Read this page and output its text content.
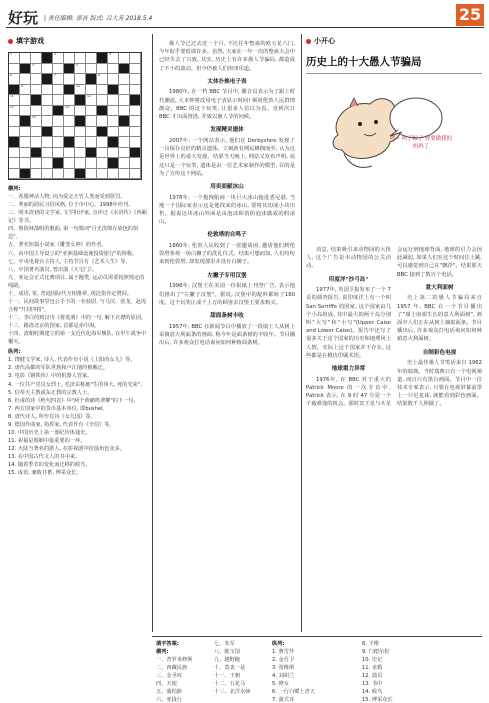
好玩 | 责任编辑: 郭吾 版式: 吕大芳 2018.5.4	25
填字游戏
1	2	3
4	5
6	7	8
9	10
11	12
13	14
15

横列:

一、希腊神话人物, 因为爱走天竹人类而受到惩罚。

二、秀丽的韵民习俗风格, 位于市中心。1998年停刊。

三、明末清初的文学家, 文学批评家, 点评过《水浒传》《西厢记》等书。

四、蔡依林演唱的歌曲, 第一句歌词"月光洗绵在染色的窗边"。

五、著名短篇小说家《雕笼女神》的作者。

六、由中国主导设立的"亚洲基础设施投资银行"的简称。

七、中央电视台主持人, 主持节目有《艺术人生》等。

八、中国著名演员, 曾出演《大宅门》。

九、亚运会正式比赛项目, 属于跑类, 运动员需要按照规定的线路。

十、成语, 常, 普通国际代互相推辈, 现泛指肯定赞同。

十一、民间故事里包公手下的一名校尉, 与马汉、张龙、赵虎合称"开封四将"。

十二、李白的到汉诗《将进酒》中的一句, 解下衣襟的原因。

十三、路清北京的国家, 首都是赤中海。

十四、清朝时期建立的第一支近代化海军舰队, 在甲午战争中覆灭。

纵列:

1. 饶健文学家, 诗人, 代表作有小说《上阳的女儿》等。

2. 唐代高都的军队世族和卢江地的被搬迁。

3. 电影《钢铁侠》中的机器人管家。

4. 一位共产党员女烈士, 毛泽东称她"生的伟大, 死的光荣"。

5. 信奉天主教或东正教的宗教人士。

6. 杜甫的诗《绝句四首》中"两个黄鹂鸣翠柳"的下一句。

7. 西方国家中的货币基本单位, 即bushel。

8. 唐代诗人, 所作有诗《女儿国》等。

9. 德国作曲家, 指挥家, 代表作有《辛伯》等。

10. 中国历史上第一部纪传体通史。

11. 祝福是婚姻中最重要的一环。

12. 大陆当著名的游人, 在影视剧中扮演角色众多。

13. 在中国古代文人的书中来。

14. 随着季节的变化而迁移的候鸟。

15. 成语, 兼收并蓄, 博采众长。

愚人节已过去近一个月, 不比往年整蛊的欧五花八门, 今年似乎要低调许多。虽然, 大家在一年一次的整蛊大会中已经失去了兴致, 其实, 历史上有许多愚人节骗局, 都造成了不小的波动。但今仍被人们津津乐道。

太体扑焕电子表

1980年, 在一档 BBC 节目中, 播音员表示为了跟上时代潮流, 大本钟将改用电子表显示时间! 顿时伦敦人民群情激奋。BBC 的这个玩笑, 让很多人信以为真。直到次日 BBC 才出面澄清, 并致以愚人节的问候。

发现精灵遗体

2007年, 一个网站表示, 他们在 Derbyshire 发现了一具保存良好的精灵遗体。立刻就有网民蜂拥而至, 认为这是世界上的重大发现。结果当天晚上, 网站又发布声明, 说这只是一个玩笑, 遗体是由一位艺术家制作的模型, 目的是为了宣传这个网站。

用卖面献冰山

1978年, 一个拖拽船商一块巨大冰山拖进悉尼港, 当地一个国际家表示这是他找来的冰山, 要将其切成小块出售。据说这块冰山外面是由泡沫和消防泡沫做成的假冰山。

伦敦塔的自鸣子

1860年, 伦敦人民收到了一张邀请函, 邀请他们到伦敦塔参观一场白狮子的洗礼仪式。结果可想而知, 人们纷纷来到伦敦塔, 却发现那里并没有白狮子。

左撇子专用汉堡

1998年, 汉堡王在美国一份报纸上刊登广告, 表示他们推出了"左撇子汉堡"。据说, 汉堡中的配料都转了180度。这个玩笑让成千上万的顾客去汉堡王要求购买。

甜面条树丰收

1957年, BBC 在新闻节目中播放了一段瑞士人从树上采摘意大利面条的画面, 称今年是面条树的丰收年。节目播出后, 许多观众打电话询问如何种植面条树。

小开心
历史上的十大愚人节骗局
鸣~ 叫了粽子 你要做我的妈妈了

消息, 结果吸引来动物园的大批人, 这个广告是市动物园的公关活动。

印度洋"沙弓岛"

1977年, 英国卫报发布了一个 7 页的调查报告, 说印度洋上有一个叫 San Serriffe 的国家, 这个国家由几个小岛组成, 其中最大的两个岛分别叫"大写"和"小写"(Upper Caise and Lower Caise)。报告中还写了很多关于这个国家的历史和地理风土人情。实际上这个国家并不存在, 这些都是在模仿印刷术语。

地球重力异常

1976年, 在 BBC 对于重大的 Patrick Moore 的一次专访中, Patrick 表示, 在 9 时 47 分是一个千载难逢的机会。那时冥王星与木星会运行到地球背面, 地球的引力会因此减弱, 如果人们在这个时间往上跳, 可以感觉到自己在"飘浮"。结果那天 BBC 接到了数百个电话。

意大利面树

史上第二的愚人节骗局来自 1957 年, BBC 在一个节目播出了"瑞士南部生长的意大利面树", 画面中人们正在从树上摘取面条。节目播出后, 许多观众打电话询问如何种植意大利面树。

自制彩色电视

史上最佳愚人节笑话来自 1962年的瑞典。当时瑞典只有一个电视频道, 而且只有黑白画面。节目中一位技术专家表示, 只要在电视屏幕前罩上一只尼龙袜, 就能看到彩色画面。结果数千人照做了。

填字答案:
横列:

一、普罗米修斯

二、西藏民族

三、金圣叹

四、天使

五、蒲松龄

六、亚投行

七、朱军

八、陈宝国

九、越野跑

十、莫衷一是

十一、王朝

十二、五花马

十三、北洋水师

纵列:

1. 曹雪芹

2. 金吾卫

3. 贾维斯

4. 刘胡兰

5. 修女

6. 一行白鹭上青天

7. 蒲式耳

8. 王维

9. 门德尔松

10. 史记

11. 求婚

12. 演员

13. 书中

14. 候鸟

15. 博采众长
